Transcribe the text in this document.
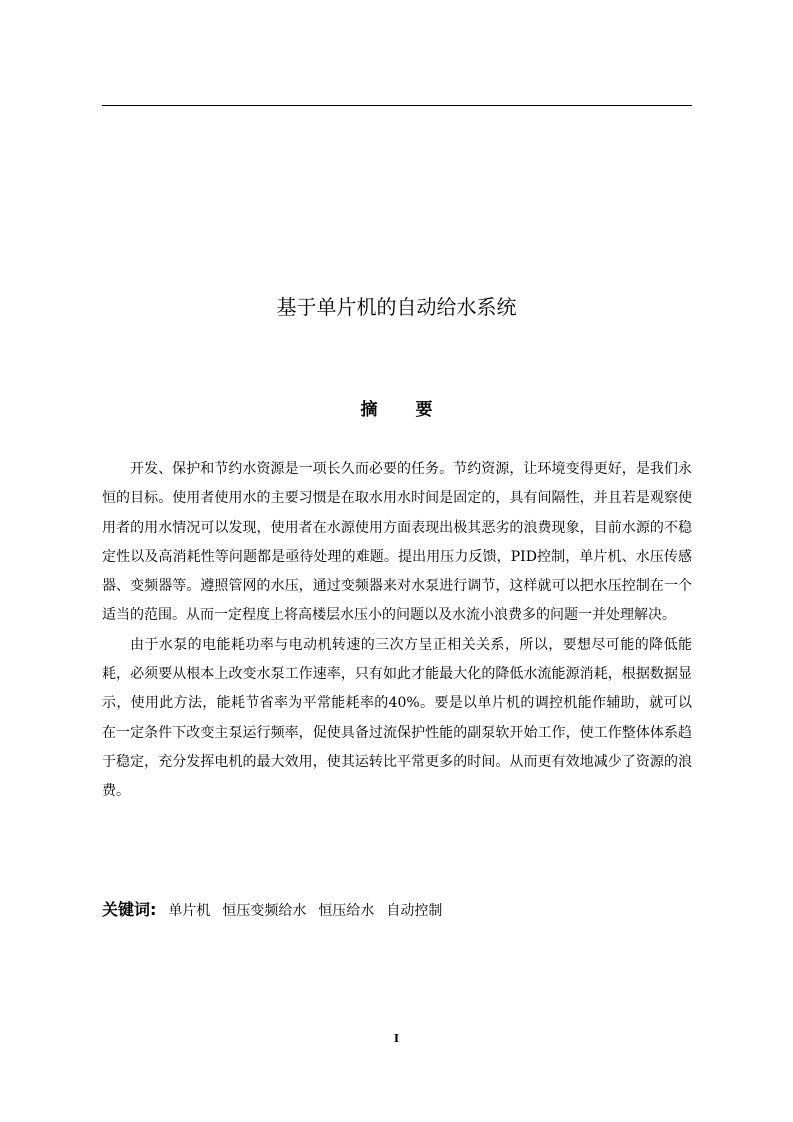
基于单片机的自动给水系统
摘 要

开发、保护和节约水资源是一项长久而必要的任务。节约资源，让环境变得更好，是我们永恒的目标。使用者使用水的主要习惯是在取水用水时间是固定的，具有间隔性，并且若是观察使用者的用水情况可以发现，使用者在水源使用方面表现出极其恶劣的浪费现象，目前水源的不稳定性以及高消耗性等问题都是亟待处理的难题。提出用压力反馈，PID控制，单片机、水压传感器、变频器等。遵照管网的水压，通过变频器来对水泵进行调节，这样就可以把水压控制在一个适当的范围。从而一定程度上将高楼层水压小的问题以及水流小浪费多的问题一并处理解决。

由于水泵的电能耗功率与电动机转速的三次方呈正相关关系，所以，要想尽可能的降低能耗，必须要从根本上改变水泵工作速率，只有如此才能最大化的降低水流能源消耗，根据数据显示，使用此方法，能耗节省率为平常能耗率的40%。要是以单片机的调控机能作辅助，就可以在一定条件下改变主泵运行频率，促使具备过流保护性能的副泵软开始工作，使工作整体体系趋于稳定，充分发挥电机的最大效用，使其运转比平常更多的时间。从而更有效地减少了资源的浪费。

关键词: 单片机 恒压变频给水 恒压给水 自动控制
I
